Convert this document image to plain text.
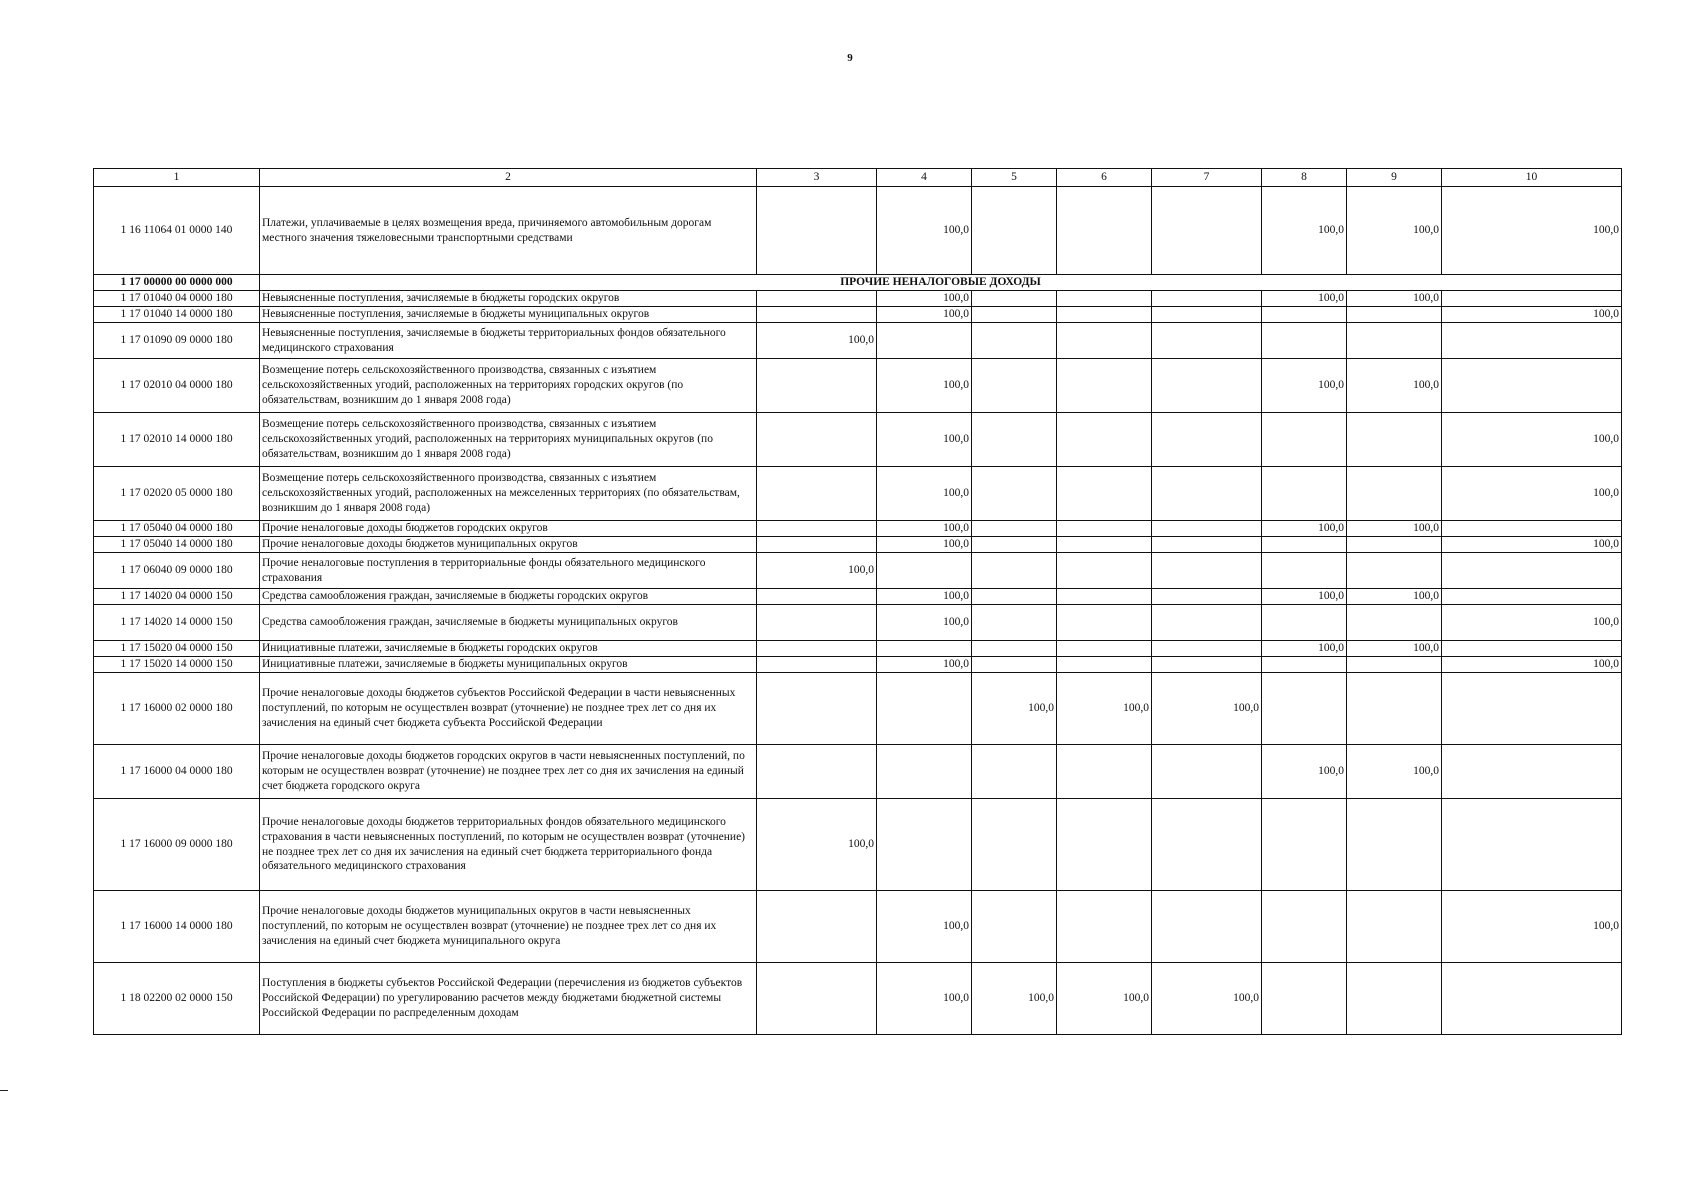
9
1	2	3	4	5	6	7	8	9	10
1 16 11064 01 0000 140	Платежи, уплачиваемые в целях возмещения вреда, причиняемого автомобильным дорогам местного значения тяжеловесными транспортными средствами		100,0				100,0	100,0	100,0
1 17 00000 00 0000 000	ПРОЧИЕ НЕНАЛОГОВЫЕ ДОХОДЫ								
1 17 01040 04 0000 180	Невыясненные поступления, зачисляемые в бюджеты городских округов		100,0				100,0	100,0	
1 17 01040 14 0000 180	Невыясненные поступления, зачисляемые в бюджеты муниципальных округов		100,0						100,0
1 17 01090 09 0000 180	Невыясненные поступления, зачисляемые в бюджеты территориальных фондов обязательного медицинского страхования	100,0							
1 17 02010 04 0000 180	Возмещение потерь сельскохозяйственного производства, связанных с изъятием сельскохозяйственных угодий, расположенных на территориях городских округов (по обязательствам, возникшим до 1 января 2008 года)		100,0				100,0	100,0	
1 17 02010 14 0000 180	Возмещение потерь сельскохозяйственного производства, связанных с изъятием сельскохозяйственных угодий, расположенных на территориях муниципальных округов (по обязательствам, возникшим до 1 января 2008 года)		100,0						100,0
1 17 02020 05 0000 180	Возмещение потерь сельскохозяйственного производства, связанных с изъятием сельскохозяйственных угодий, расположенных на межселенных территориях (по обязательствам, возникшим до 1 января 2008 года)		100,0						100,0
1 17 05040 04 0000 180	Прочие неналоговые доходы бюджетов городских округов		100,0				100,0	100,0	
1 17 05040 14 0000 180	Прочие неналоговые доходы бюджетов муниципальных округов		100,0						100,0
1 17 06040 09 0000 180	Прочие неналоговые поступления в территориальные фонды обязательного медицинского страхования	100,0							
1 17 14020 04 0000 150	Средства самообложения граждан, зачисляемые в бюджеты городских округов		100,0				100,0	100,0	
1 17 14020 14 0000 150	Средства самообложения граждан, зачисляемые в бюджеты муниципальных округов		100,0						100,0
1 17 15020 04 0000 150	Инициативные платежи, зачисляемые в бюджеты городских округов						100,0	100,0	
1 17 15020 14 0000 150	Инициативные платежи, зачисляемые в бюджеты муниципальных округов		100,0						100,0
1 17 16000 02 0000 180	Прочие неналоговые доходы бюджетов субъектов Российской Федерации в части невыясненных поступлений, по которым не осуществлен возврат (уточнение) не позднее трех лет со дня их зачисления на единый счет бюджета субъекта Российской Федерации			100,0	100,0	100,0			
1 17 16000 04 0000 180	Прочие неналоговые доходы бюджетов городских округов в части невыясненных поступлений, по которым не осуществлен возврат (уточнение) не позднее трех лет со дня их зачисления на единый счет бюджета городского округа						100,0	100,0	
1 17 16000 09 0000 180	Прочие неналоговые доходы бюджетов территориальных фондов обязательного медицинского страхования в части невыясненных поступлений, по которым не осуществлен возврат (уточнение) не позднее трех лет со дня их зачисления на единый счет бюджета территориального фонда обязательного медицинского страхования	100,0							
1 17 16000 14 0000 180	Прочие неналоговые доходы бюджетов муниципальных округов в части невыясненных поступлений, по которым не осуществлен возврат (уточнение) не позднее трех лет со дня их зачисления на единый счет бюджета муниципального округа		100,0						100,0
1 18 02200 02 0000 150	Поступления в бюджеты субъектов Российской Федерации (перечисления из бюджетов субъектов Российской Федерации) по урегулированию расчетов между бюджетами бюджетной системы Российской Федерации по распределенным доходам		100,0	100,0	100,0	100,0			
